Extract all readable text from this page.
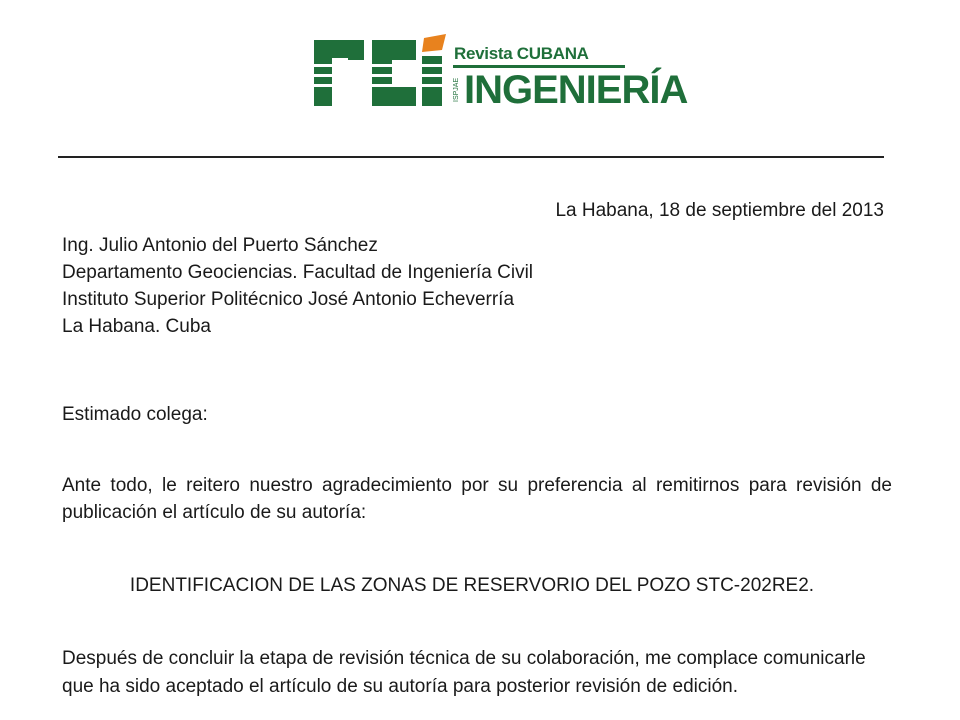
Revista CUBANA
ISPJAE INGENIERÍA
La Habana, 18 de septiembre del 2013
Ing. Julio Antonio del Puerto Sánchez
Departamento Geociencias. Facultad de Ingeniería Civil
Instituto Superior Politécnico José Antonio Echeverría
La Habana. Cuba
Estimado colega:
Ante todo, le reitero nuestro agradecimiento por su preferencia al remitirnos para revisión de publicación el artículo de su autoría:
IDENTIFICACION DE LAS ZONAS DE RESERVORIO DEL POZO STC-202RE2.
Después de concluir la etapa de revisión técnica de su colaboración, me complace comunicarle que ha sido aceptado el artículo de su autoría para posterior revisión de edición.
